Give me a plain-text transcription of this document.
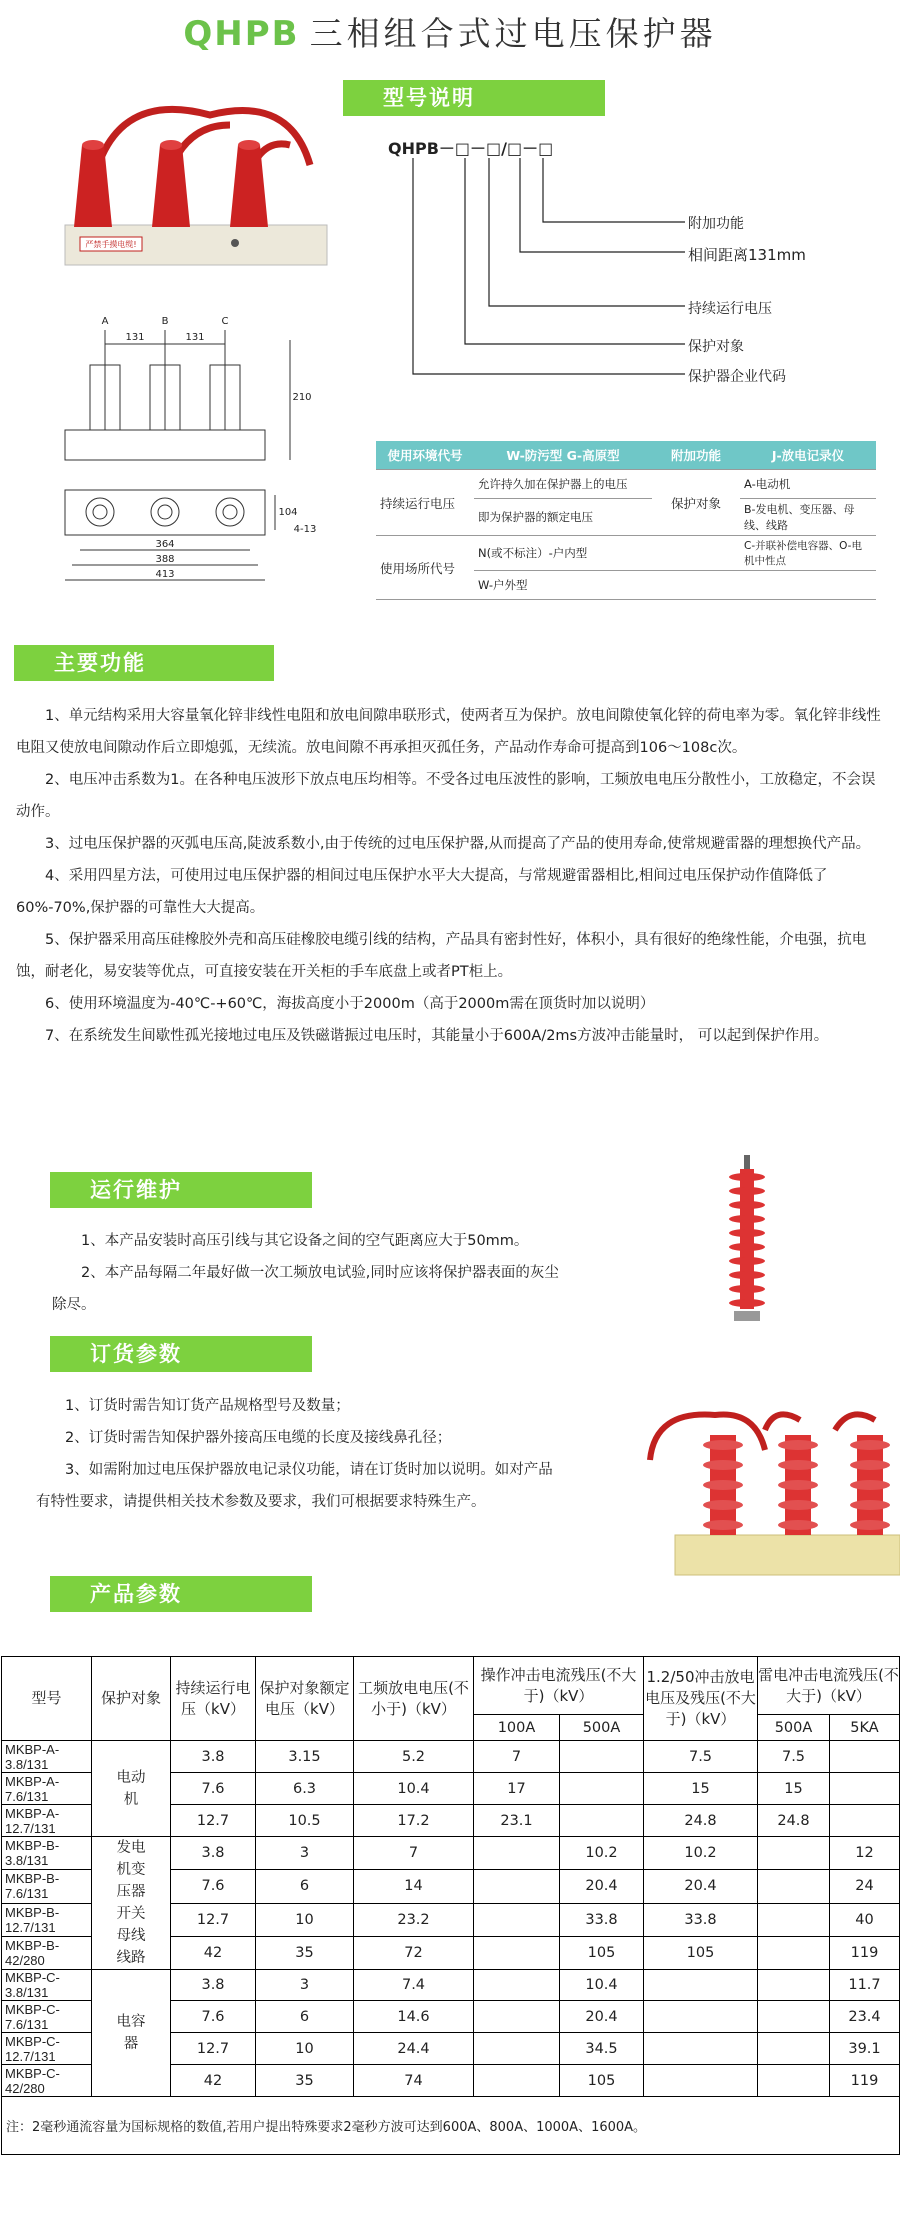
QHPB 三相组合式过电压保护器
严禁手摸电缆!
A	B	C
131	131
210
364
388
413
104
4-13
型号说明
QHPB－□－□/□－□
附加功能
相间距离131mm
持续运行电压
保护对象
保护器企业代码
使用环境代号	W-防污型 G-高原型	附加功能	J-放电记录仪
持续运行电压	允许持久加在保护器上的电压	保护对象	A-电动机
	即为保护器的额定电压		B-发电机、变压器、母线、线路
使用场所代号	N(或不标注）-户内型		C-并联补偿电容器、O-电机中性点
	W-户外型		
主要功能

1、单元结构采用大容量氧化锌非线性电阻和放电间隙串联形式，使两者互为保护。放电间隙使氧化锌的荷电率为零。氧化锌非线性电阻又使放电间隙动作后立即熄弧，无续流。放电间隙不再承担灭孤任务，产品动作寿命可提高到106～108c次。

2、电压冲击系数为1。在各种电压波形下放点电压均相等。不受各过电压波性的影响，工频放电电压分散性小，工放稳定，不会误动作。

3、过电压保护器的灭弧电压高,陡波系数小,由于传统的过电压保护器,从而提高了产品的使用寿命,使常规避雷器的理想换代产品。

4、采用四星方法，可使用过电压保护器的相间过电压保护水平大大提高，与常规避雷器相比,相间过电压保护动作值降低了60%-70%,保护器的可靠性大大提高。

5、保护器采用高压硅橡胶外壳和高压硅橡胶电缆引线的结构，产品具有密封性好，体积小，具有很好的绝缘性能，介电强，抗电蚀，耐老化，易安装等优点，可直接安装在开关柜的手车底盘上或者PT柜上。

6、使用环境温度为-40℃-+60℃，海拔高度小于2000m（高于2000m需在顶货时加以说明）

7、在系统发生间歇性孤光接地过电压及铁磁谐振过电压时，其能量小于600A/2ms方波冲击能量时， 可以起到保护作用。

运行维护

1、本产品安装时高压引线与其它设备之间的空气距离应大于50mm。

2、本产品每隔二年最好做一次工频放电试验,同时应该将保护器表面的灰尘除尽。

订货参数

1、订货时需告知订货产品规格型号及数量；

2、订货时需告知保护器外接高压电缆的长度及接线鼻孔径；

3、如需附加过电压保护器放电记录仪功能，请在订货时加以说明。如对产品有特性要求，请提供相关技术参数及要求，我们可根据要求特殊生产。

产品参数
型号	保护对象	持续运行电压（kV）	保护对象额定电压（kV）	工频放电电压(不小于)（kV）	操作冲击电流残压(不大于)（kV）		1.2/50冲击放电电压及残压(不大于)（kV）	雷电冲击电流残压(不大于)（kV）	
					100A	500A		500A	5KA
MKBP-A-3.8/131	电动机	3.8	3.15	5.2	7		7.5	7.5	
MKBP-A-7.6/131		7.6	6.3	10.4	17		15	15	
MKBP-A-12.7/131		12.7	10.5	17.2	23.1		24.8	24.8	
MKBP-B-3.8/131	发电机变压器开关母线线路	3.8	3	7		10.2	10.2		12
MKBP-B-7.6/131		7.6	6	14		20.4	20.4		24
MKBP-B-12.7/131		12.7	10	23.2		33.8	33.8		40
MKBP-B-42/280		42	35	72		105	105		119
MKBP-C-3.8/131	电容器	3.8	3	7.4		10.4			11.7
MKBP-C-7.6/131		7.6	6	14.6		20.4			23.4
MKBP-C-12.7/131		12.7	10	24.4		34.5			39.1
MKBP-C-42/280		42	35	74		105			119
注：2毫秒通流容量为国标规格的数值,若用户提出特殊要求2毫秒方波可达到600A、800A、1000A、1600A。									
